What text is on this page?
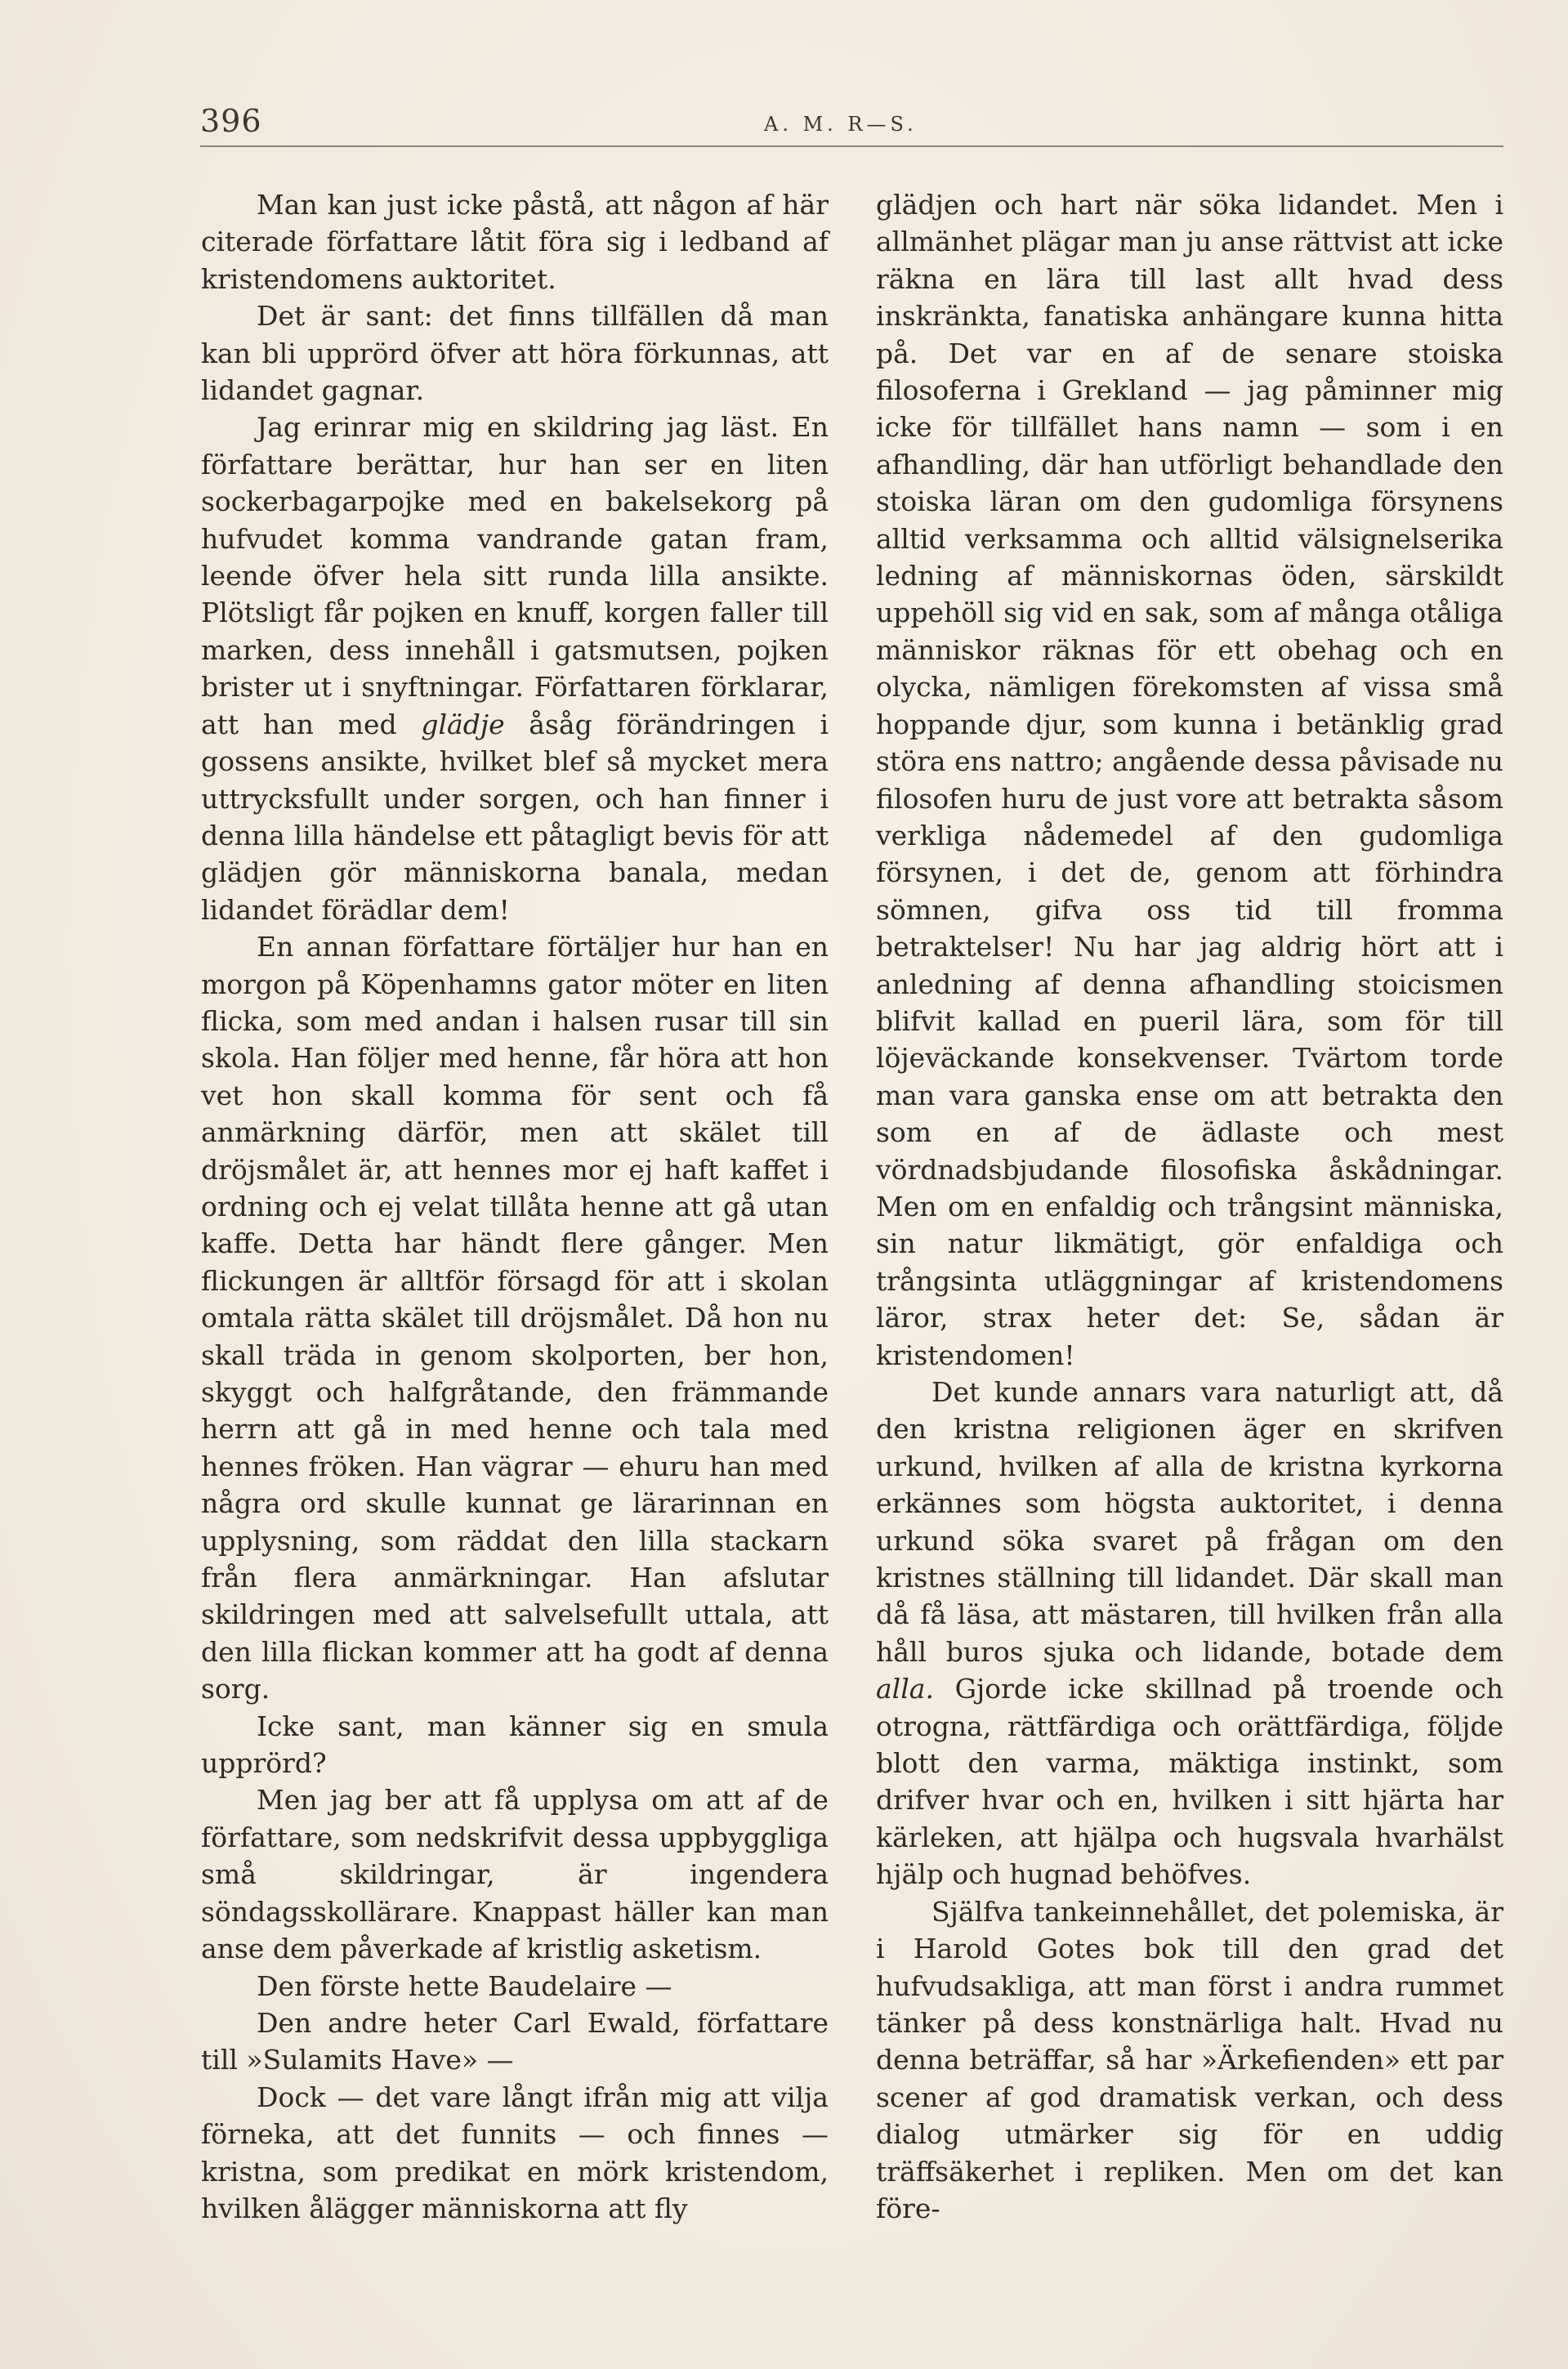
396	A. M. R—S.

Man kan just icke påstå, att någon af här citerade författare låtit föra sig i ledband af kristendomens auktoritet.

Det är sant: det finns tillfällen då man kan bli upprörd öfver att höra förkunnas, att lidandet gagnar.

Jag erinrar mig en skildring jag läst. En författare berättar, hur han ser en liten sockerbagarpojke med en bakelsekorg på hufvudet komma vandrande gatan fram, leende öfver hela sitt runda lilla ansikte. Plötsligt får pojken en knuff, korgen faller till marken, dess innehåll i gatsmutsen, pojken brister ut i snyftningar. Författaren förklarar, att han med glädje åsåg förändringen i gossens ansikte, hvilket blef så mycket mera uttrycksfullt under sorgen, och han finner i denna lilla händelse ett påtagligt bevis för att glädjen gör människorna banala, medan lidandet förädlar dem!

En annan författare förtäljer hur han en morgon på Köpenhamns gator möter en liten flicka, som med andan i halsen rusar till sin skola. Han följer med henne, får höra att hon vet hon skall komma för sent och få anmärkning därför, men att skälet till dröjsmålet är, att hennes mor ej haft kaffet i ordning och ej velat tillåta henne att gå utan kaffe. Detta har händt flere gånger. Men flickungen är alltför försagd för att i skolan omtala rätta skälet till dröjsmålet. Då hon nu skall träda in genom skolporten, ber hon, skyggt och halfgråtande, den främmande herrn att gå in med henne och tala med hennes fröken. Han vägrar — ehuru han med några ord skulle kunnat ge lärarinnan en upplysning, som räddat den lilla stackarn från flera anmärkningar. Han afslutar skildringen med att salvelsefullt uttala, att den lilla flickan kommer att ha godt af denna sorg.

Icke sant, man känner sig en smula upprörd?

Men jag ber att få upplysa om att af de författare, som nedskrifvit dessa uppbyggliga små skildringar, är ingendera söndagsskollärare. Knappast häller kan man anse dem påverkade af kristlig asketism.

Den förste hette Baudelaire —

Den andre heter Carl Ewald, författare till »Sulamits Have» —

Dock — det vare långt ifrån mig att vilja förneka, att det funnits — och finnes — kristna, som predikat en mörk kristendom, hvilken ålägger människorna att fly

glädjen och hart när söka lidandet. Men i allmänhet plägar man ju anse rättvist att icke räkna en lära till last allt hvad dess inskränkta, fanatiska anhängare kunna hitta på. Det var en af de senare stoiska filosoferna i Grekland — jag påminner mig icke för tillfället hans namn — som i en afhandling, där han utförligt behandlade den stoiska läran om den gudomliga försynens alltid verksamma och alltid välsignelserika ledning af människornas öden, särskildt uppehöll sig vid en sak, som af många otåliga människor räknas för ett obehag och en olycka, nämligen förekomsten af vissa små hoppande djur, som kunna i betänklig grad störa ens nattro; angående dessa påvisade nu filosofen huru de just vore att betrakta såsom verkliga nådemedel af den gudomliga försynen, i det de, genom att förhindra sömnen, gifva oss tid till fromma betraktelser! Nu har jag aldrig hört att i anledning af denna afhandling stoicismen blifvit kallad en pueril lära, som för till löjeväckande konsekvenser. Tvärtom torde man vara ganska ense om att betrakta den som en af de ädlaste och mest vördnadsbjudande filosofiska åskådningar. Men om en enfaldig och trångsint människa, sin natur likmätigt, gör enfaldiga och trångsinta utläggningar af kristendomens läror, strax heter det: Se, sådan är kristendomen!

Det kunde annars vara naturligt att, då den kristna religionen äger en skrifven urkund, hvilken af alla de kristna kyrkorna erkännes som högsta auktoritet, i denna urkund söka svaret på frågan om den kristnes ställning till lidandet. Där skall man då få läsa, att mästaren, till hvilken från alla håll buros sjuka och lidande, botade dem alla. Gjorde icke skillnad på troende och otrogna, rättfärdiga och orättfärdiga, följde blott den varma, mäktiga instinkt, som drifver hvar och en, hvilken i sitt hjärta har kärleken, att hjälpa och hugsvala hvarhälst hjälp och hugnad behöfves.

Själfva tankeinnehållet, det polemiska, är i Harold Gotes bok till den grad det hufvudsakliga, att man först i andra rummet tänker på dess konstnärliga halt. Hvad nu denna beträffar, så har »Ärkefienden» ett par scener af god dramatisk verkan, och dess dialog utmärker sig för en uddig träffsäkerhet i repliken. Men om det kan före-
